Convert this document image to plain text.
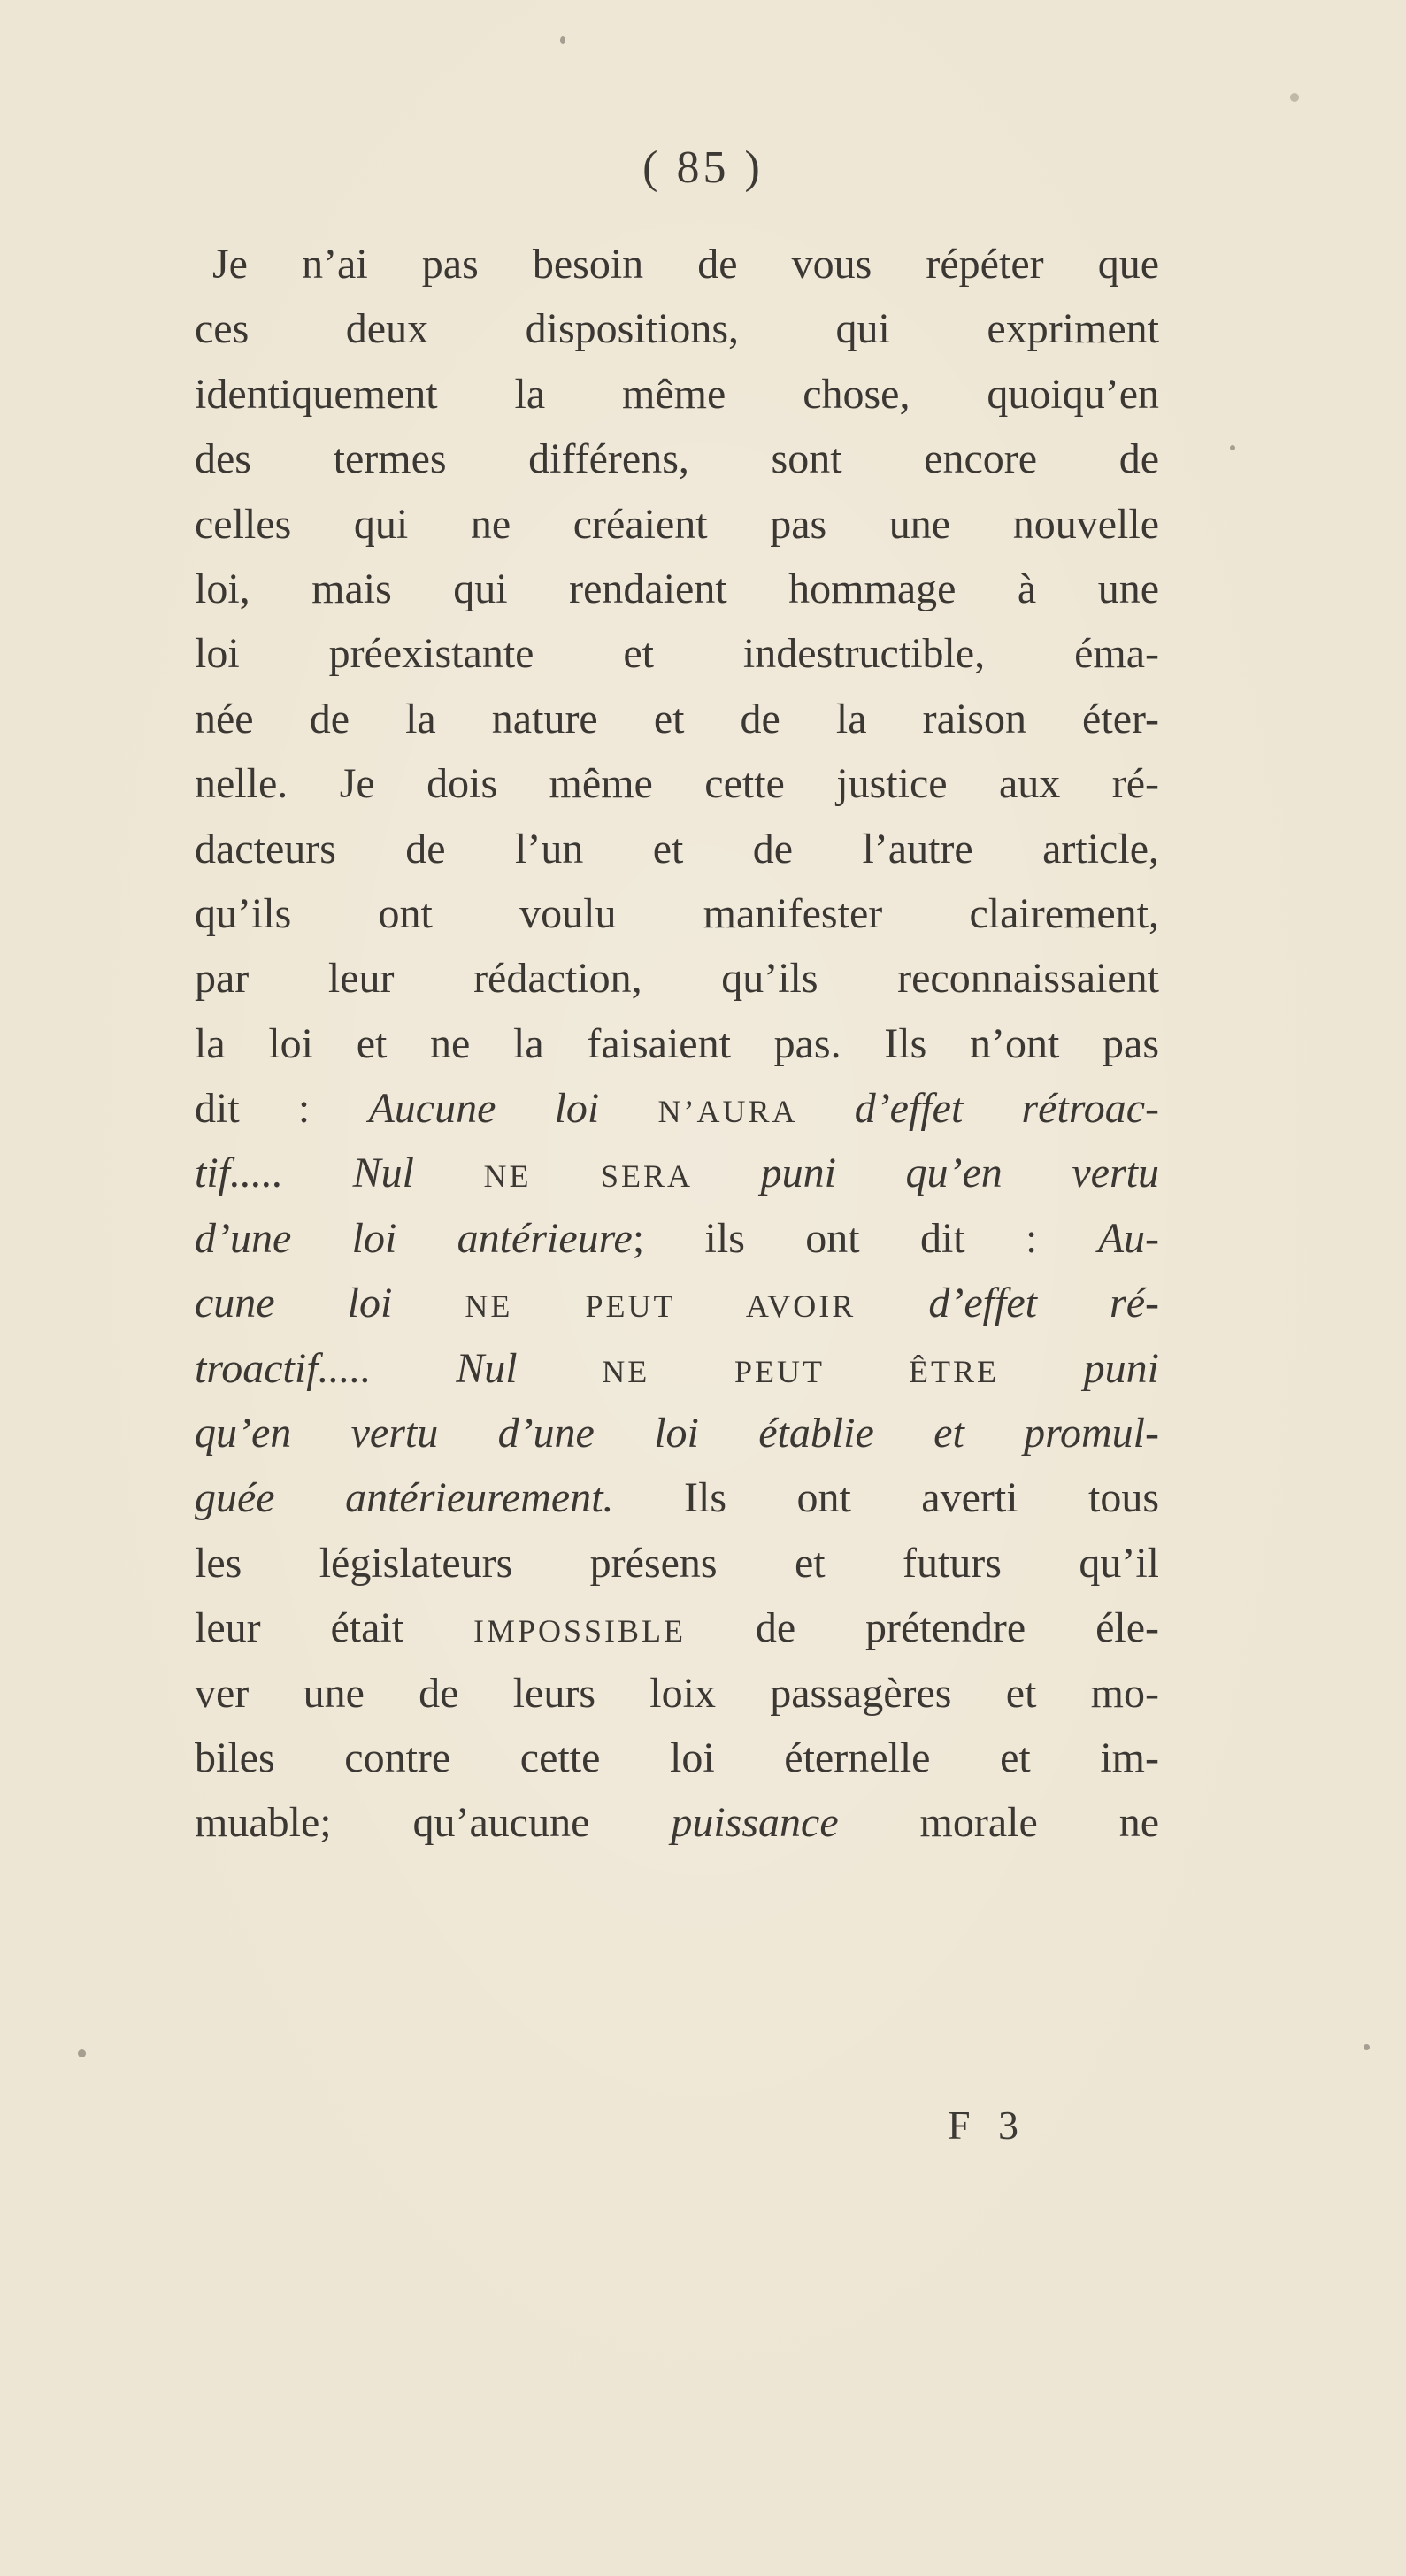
( 85 )
Je n’ai pas besoin de vous répéter que
ces deux dispositions, qui expriment
identiquement la même chose, quoiqu’en
des termes différens, sont encore de
celles qui ne créaient pas une nouvelle
loi, mais qui rendaient hommage à une
loi préexistante et indestructible, éma-
née de la nature et de la raison éter-
nelle. Je dois même cette justice aux ré-
dacteurs de l’un et de l’autre article,
qu’ils ont voulu manifester clairement,
par leur rédaction, qu’ils reconnaissaient
la loi et ne la faisaient pas. Ils n’ont pas
dit : Aucune loi N’AURA d’effet rétroac-
tif..... Nul NE SERA puni qu’en vertu
d’une loi antérieure; ils ont dit : Au-
cune loi NE PEUT AVOIR d’effet ré-
troactif..... Nul NE PEUT ÊTRE puni
qu’en vertu d’une loi établie et promul-
guée antérieurement. Ils ont averti tous
les législateurs présens et futurs qu’il
leur était IMPOSSIBLE de prétendre éle-
ver une de leurs loix passagères et mo-
biles contre cette loi éternelle et im-
muable; qu’aucune puissance morale ne
F 3
